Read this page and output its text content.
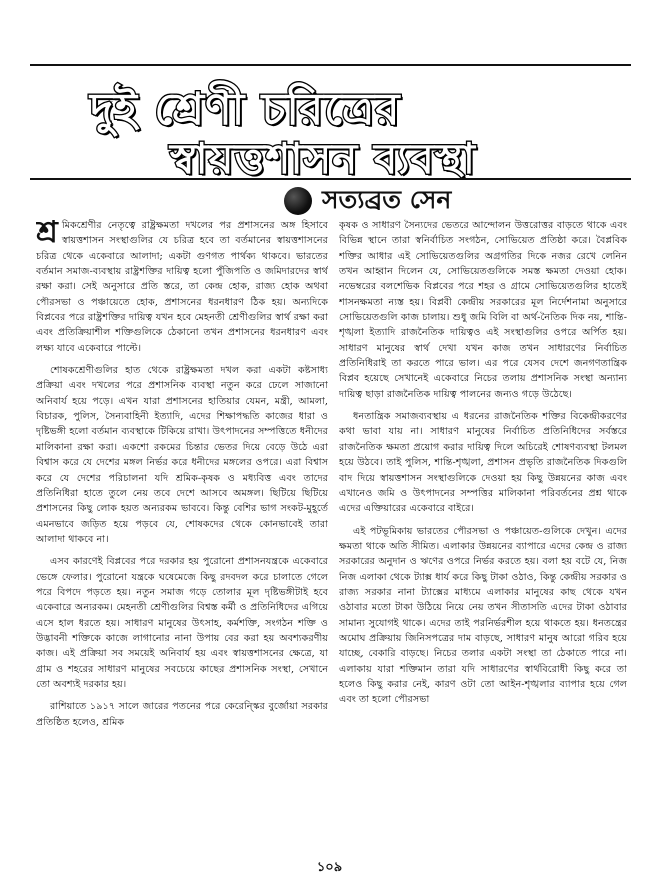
দুই শ্রেণী চরিত্রের
স্বায়ত্তশাসন ব্যবস্থা
সত্যব্রত সেন

শ্র মিকশ্রেণীর নেতৃত্বে রাষ্ট্রক্ষমতা দখলের পর প্রশাসনের অঙ্গ হিসাবে স্বায়ত্তশাসন সংস্থাগুলির যে চরিত্র হবে তা বর্তমানের স্বায়ত্তশাসনের চরিত্র থেকে একেবারে আলাদা; একটা গুণগত পার্থক্য থাকবে। ভারতের বর্তমান সমাজ-ব্যবস্থায় রাষ্ট্রশক্তির দায়িত্ব হলো পুঁজিপতি ও জমিদারদের স্বার্থ রক্ষা করা। সেই অনুসারে প্রতি স্তরে, তা কেন্দ্র হোক, রাজ্য হোক অথবা পৌরসভা ও পঞ্চায়েতে হোক, প্রশাসনের ধরনধারণ ঠিক হয়। অন্যদিকে বিপ্লবের পরে রাষ্ট্রশক্তির দায়িত্ব যখন হবে মেহনতী শ্রেণীগুলির স্বার্থ রক্ষা করা এবং প্রতিক্রিয়াশীল শক্তিগুলিকে ঠেকানো তখন প্রশাসনের ধরনধারণ এবং লক্ষ্য যাবে একেবারে পাল্টে।

শোষকশ্রেণীগুলির হাত থেকে রাষ্ট্রক্ষমতা দখল করা একটা কষ্টসাধ্য প্রক্রিয়া এবং দখলের পরে প্রশাসনিক ব্যবস্থা নতুন করে ঢেলে সাজানো অনিবার্য হয়ে পড়ে। এখন যারা প্রশাসনের হাতিয়ার যেমন, মন্ত্রী, আমলা, বিচারক, পুলিস, সৈন্যবাহিনী ইত্যাদি, এদের শিক্ষাপদ্ধতি কাজের ধারা ও দৃষ্টিভঙ্গী হলো বর্তমান ব্যবস্থাকে টিকিয়ে রাখা। উৎপাদনের সম্পত্তিতে ধনীদের মালিকানা রক্ষা করা। একশো রকমের চিন্তার ভেতর দিয়ে বেড়ে উঠে এরা বিশ্বাস করে যে দেশের মঙ্গল নির্ভর করে ধনীদের মঙ্গলের ওপরে। এরা বিশ্বাস করে যে দেশের পরিচালনা যদি শ্রমিক-কৃষক ও মধ্যবিত্ত এবং তাদের প্রতিনিধিরা হাতে তুলে নেয় তবে দেশে আসবে অমঙ্গল। ছিটিয়ে ছিটিয়ে প্রশাসনের কিছু লোক হয়ত অন্যরকম ভাববে। কিন্তু বেশির ভাগ সংকট-মুহূর্তে এমনভাবে জড়িত হয়ে পড়বে যে, শোষকদের থেকে কোনভাবেই তারা আলাদা থাকবে না।

এসব কারণেই বিপ্লবের পরে দরকার হয় পুরোনো প্রশাসনযন্ত্রকে একেবারে ভেঙ্গে ফেলার। পুরোনো যন্ত্রকে ঘষেমেজে কিছু রদবদল করে চালাতে গেলে পরে বিপদে পড়তে হয়। নতুন সমাজ গড়ে তোলার মূল দৃষ্টিভঙ্গীটাই হবে একেবারে অন্যরকম। মেহনতী শ্রেণীগুলির বিশ্বস্ত কর্মী ও প্রতিনিধিদের এগিয়ে এসে হাল ধরতে হয়। সাধারণ মানুষের উৎসাহ, কর্মশক্তি, সংগঠন শক্তি ও উদ্ভাবনী শক্তিকে কাজে লাগানোর নানা উপায় বের করা হয় অবশ্যকরণীয় কাজ। এই প্রক্রিয়া সব সময়েই অনিবার্য হয় এবং স্বায়ত্তশাসনের ক্ষেত্রে, যা গ্রাম ও শহরের সাধারণ মানুষের সবচেয়ে কাছের প্রশাসনিক সংস্থা, সেখানে তো অবশ্যই দরকার হয়।

রাশিয়াতে ১৯১৭ সালে জারের পতনের পরে কেরেন্স্কির বুর্জোয়া সরকার প্রতিষ্ঠিত হলেও, শ্রমিক

কৃষক ও সাধারণ সৈন্যদের ভেতরে আন্দোলন উত্তরোত্তর বাড়তে থাকে এবং বিভিন্ন স্থানে তারা স্বনির্বাচিত সংগঠন, সোভিয়েত প্রতিষ্ঠা করে। বৈপ্লবিক শক্তির আধার এই সোভিয়েতগুলির অগ্রগতির দিকে নজর রেখে লেনিন তখন আহ্বান দিলেন যে, সোভিয়েতগুলিকে সমস্ত ক্ষমতা দেওয়া হোক। নভেম্বরের বলশেভিক বিপ্লবের পরে শহর ও গ্রামে সোভিয়েতগুলির হাতেই শাসনক্ষমতা ন্যস্ত হয়। বিপ্লবী কেন্দ্রীয় সরকারের মূল নির্দেশনামা অনুসারে সোভিয়েতগুলি কাজ চালায়। শুধু জমি বিলি বা অর্থ-নৈতিক দিক নয়, শান্তি-শৃঙ্খলা ইত্যাদি রাজনৈতিক দায়িত্বও এই সংস্থাগুলির ওপরে অর্পিত হয়। সাধারণ মানুষের স্বার্থ দেখা যখন কাজ তখন সাধারণের নির্বাচিত প্রতিনিধিরাই তা করতে পারে ভাল। এর পরে যেসব দেশে জনগণতান্ত্রিক বিপ্লব হয়েছে সেখানেই একেবারে নিচের তলায় প্রশাসনিক সংস্থা অন্যান্য দায়িত্ব ছাড়া রাজনৈতিক দায়িত্ব পালনের জন্যও গড়ে উঠেছে।

ধনতান্ত্রিক সমাজব্যবস্থায় এ ধরনের রাজনৈতিক শক্তির বিকেন্দ্রীকরণের কথা ভাবা যায় না। সাধারণ মানুষের নির্বাচিত প্রতিনিধিদের সর্বস্তরে রাজনৈতিক ক্ষমতা প্রয়োগ করার দায়িত্ব দিলে অচিরেই শোষণব্যবস্থা টলমল হয়ে উঠবে। তাই পুলিস, শান্তি-শৃঙ্খলা, প্রশাসন প্রভৃতি রাজনৈতিক দিকগুলি বাদ দিয়ে স্বায়ত্তশাসন সংস্থাগুলিকে দেওয়া হয় কিছু উন্নয়নের কাজ এবং এখানেও জমি ও উৎপাদনের সম্পত্তির মালিকানা পরিবর্তনের প্রশ্ন থাকে এদের এক্তিয়ারের একেবারে বাইরে।

এই পটভূমিকায় ভারতের পৌরসভা ও পঞ্চায়েত-গুলিকে দেখুন। এদের ক্ষমতা থাকে অতি সীমিত। এলাকার উন্নয়নের ব্যাপারে এদের কেন্দ্র ও রাজ্য সরকারের অনুদান ও ঋণের ওপরে নির্ভর করতে হয়। বলা হয় বটে যে, নিজ নিজ এলাকা থেকে ট্যাক্স ধার্য করে কিছু টাকা ওঠাও, কিন্তু কেন্দ্রীয় সরকার ও রাজ্য সরকার নানা ট্যাক্সের মাধ্যমে এলাকার মানুষের কাছ থেকে যখন ওঠাবার মতো টাকা উঠিয়ে নিয়ে নেয় তখন সীতাসতি এদের টাকা ওঠাবার সামান্য সুযোগই থাকে। এদের তাই পরনির্ভরশীল হয়ে থাকতে হয়। ধনতন্ত্রের অমোঘ প্রক্রিয়ায় জিনিসপত্রের দাম বাড়ছে, সাধারণ মানুষ আরো গরিব হয়ে যাচ্ছে, বেকারি বাড়ছে। নিচের তলার একটা সংস্থা তা ঠেকাতে পারে না। এলাকায় যারা শক্তিমান তারা যদি সাধারণের স্বার্থবিরোধী কিছু করে তা হলেও কিছু করার নেই, কারণ ওটা তো আইন-শৃঙ্খলার ব্যাপার হয়ে গেল এবং তা হলো পৌরসভা

১০৯
